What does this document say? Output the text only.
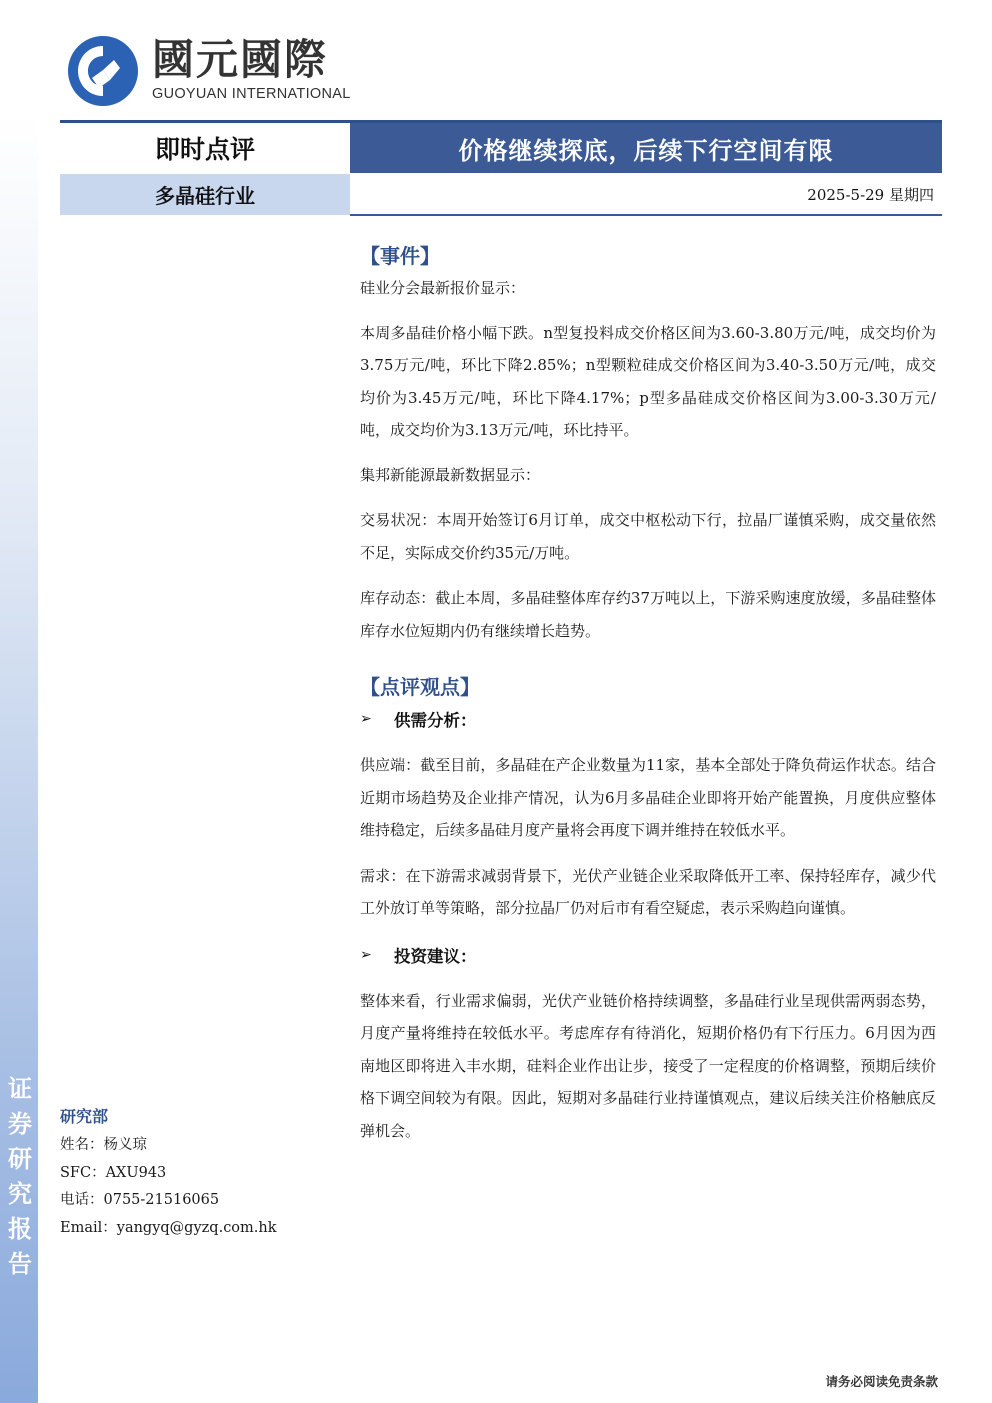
证
券
研
究
报
告
國元國際
GUOYUAN INTERNATIONAL
即时点评	价格继续探底，后续下行空间有限
多晶硅行业	2025-5-29 星期四
【事件】

硅业分会最新报价显示：

本周多晶硅价格小幅下跌。n型复投料成交价格区间为3.60-3.80万元/吨，成交均价为3.75万元/吨，环比下降2.85%；n型颗粒硅成交价格区间为3.40-3.50万元/吨，成交均价为3.45万元/吨，环比下降4.17%；p型多晶硅成交价格区间为3.00-3.30万元/吨，成交均价为3.13万元/吨，环比持平。

集邦新能源最新数据显示：

交易状况：本周开始签订6月订单，成交中枢松动下行，拉晶厂谨慎采购，成交量依然不足，实际成交价约35元/万吨。

库存动态：截止本周，多晶硅整体库存约37万吨以上，下游采购速度放缓，多晶硅整体库存水位短期内仍有继续增长趋势。

【点评观点】
➢	供需分析：

供应端：截至目前，多晶硅在产企业数量为11家，基本全部处于降负荷运作状态。结合近期市场趋势及企业排产情况，认为6月多晶硅企业即将开始产能置换，月度供应整体维持稳定，后续多晶硅月度产量将会再度下调并维持在较低水平。

需求：在下游需求减弱背景下，光伏产业链企业采取降低开工率、保持轻库存，减少代工外放订单等策略，部分拉晶厂仍对后市有看空疑虑，表示采购趋向谨慎。

➢	投资建议：

整体来看，行业需求偏弱，光伏产业链价格持续调整，多晶硅行业呈现供需两弱态势，月度产量将维持在较低水平。考虑库存有待消化，短期价格仍有下行压力。6月因为西南地区即将进入丰水期，硅料企业作出让步，接受了一定程度的价格调整，预期后续价格下调空间较为有限。因此，短期对多晶硅行业持谨慎观点，建议后续关注价格触底反弹机会。

研究部
姓名：杨义琼
SFC：AXU943
电话：0755-21516065
Email：yangyq@gyzq.com.hk
请务必阅读免责条款
